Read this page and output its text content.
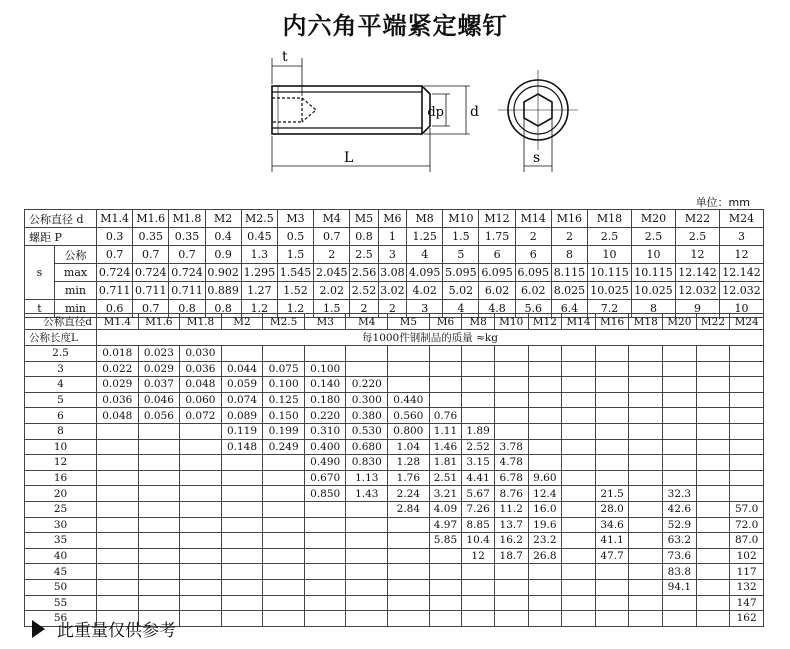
内六角平端紧定螺钉
t
L
dp d
s
单位：mm
公称直径 d		M1.4	M1.6	M1.8	M2	M2.5	M3	M4	M5	M6	M8	M10	M12	M14	M16	M18	M20	M22	M24
螺距 P		0.3	0.35	0.35	0.4	0.45	0.5	0.7	0.8	1	1.25	1.5	1.75	2	2	2.5	2.5	2.5	3
s	公称	0.7	0.7	0.7	0.9	1.3	1.5	2	2.5	3	4	5	6	6	8	10	10	12	12
	max	0.724	0.724	0.724	0.902	1.295	1.545	2.045	2.56	3.08	4.095	5.095	6.095	6.095	8.115	10.115	10.115	12.142	12.142
	min	0.711	0.711	0.711	0.889	1.27	1.52	2.02	2.52	3.02	4.02	5.02	6.02	6.02	8.025	10.025	10.025	12.032	12.032
t	min	0.6	0.7	0.8	0.8	1.2	1.2	1.5	2	2	3	4	4.8	5.6	6.4	7.2	8	9	10
公称直径d	M1.4	M1.6	M1.8	M2	M2.5	M3	M4	M5	M6	M8	M10	M12	M14	M16	M18	M20	M22	M24
公称长度L	每1000件钢制品的质量 ≈kg																	
2.5	0.018	0.023	0.030															
3	0.022	0.029	0.036	0.044	0.075	0.100												
4	0.029	0.037	0.048	0.059	0.100	0.140	0.220											
5	0.036	0.046	0.060	0.074	0.125	0.180	0.300	0.440										
6	0.048	0.056	0.072	0.089	0.150	0.220	0.380	0.560	0.76									
8				0.119	0.199	0.310	0.530	0.800	1.11	1.89								
10				0.148	0.249	0.400	0.680	1.04	1.46	2.52	3.78							
12						0.490	0.830	1.28	1.81	3.15	4.78							
16						0.670	1.13	1.76	2.51	4.41	6.78	9.60						
20						0.850	1.43	2.24	3.21	5.67	8.76	12.4		21.5		32.3		
25								2.84	4.09	7.26	11.2	16.0		28.0		42.6		57.0
30									4.97	8.85	13.7	19.6		34.6		52.9		72.0
35									5.85	10.4	16.2	23.2		41.1		63.2		87.0
40										12	18.7	26.8		47.7		73.6		102
45																83.8		117
50																94.1		132
55																		147
56																		162
此重量仅供参考
